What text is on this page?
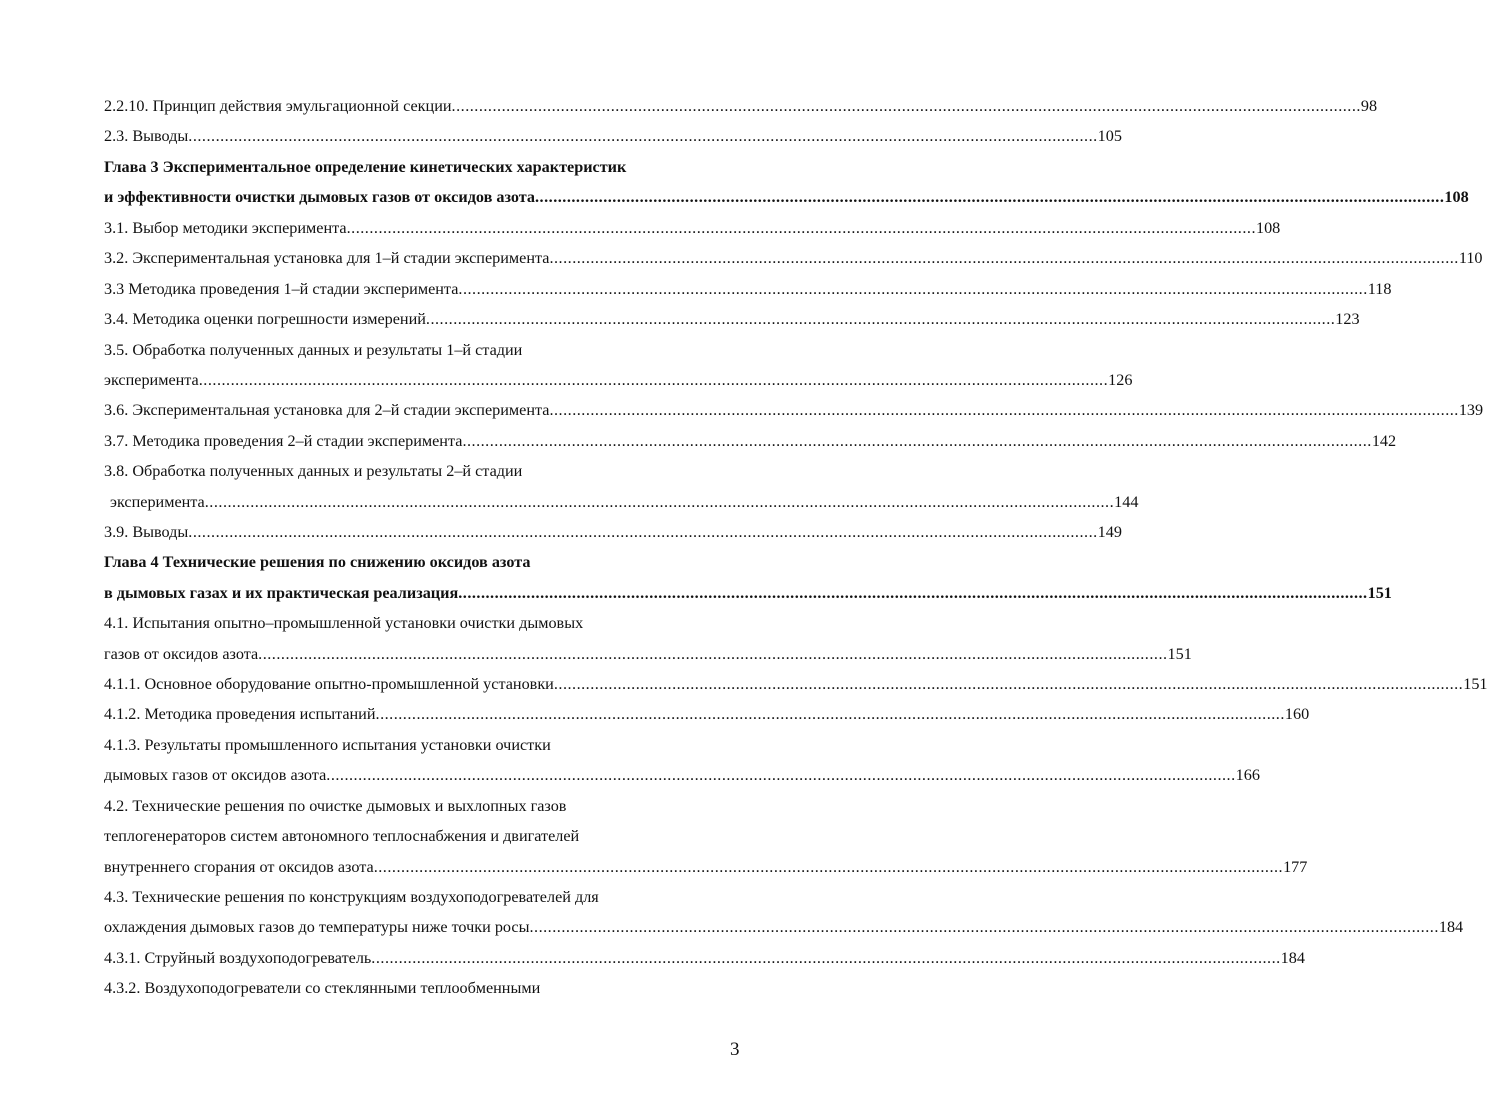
2.2.10. Принцип действия эмульгационной секции ........................................................................................................................................................................................................ 98
2.3. Выводы ........................................................................................................................................................................................................ 105
Глава 3 Экспериментальное определение кинетических характеристик
и эффективности очистки дымовых газов от оксидов азота ........................................................................................................................................................................................................ 108
3.1. Выбор методики эксперимента ........................................................................................................................................................................................................ 108
3.2. Экспериментальная установка для 1–й стадии эксперимента ........................................................................................................................................................................................................ 110
3.3 Методика проведения 1–й стадии эксперимента ........................................................................................................................................................................................................ 118
3.4. Методика оценки погрешности измерений ........................................................................................................................................................................................................ 123
3.5. Обработка полученных данных и результаты 1–й стадии
эксперимента ........................................................................................................................................................................................................ 126
3.6. Экспериментальная установка для 2–й стадии эксперимента ........................................................................................................................................................................................................ 139
3.7. Методика проведения 2–й стадии эксперимента ........................................................................................................................................................................................................ 142
3.8. Обработка полученных данных и результаты 2–й стадии
эксперимента ........................................................................................................................................................................................................ 144
3.9. Выводы ........................................................................................................................................................................................................ 149
Глава 4 Технические решения по снижению оксидов азота
в дымовых газах и их практическая реализация ........................................................................................................................................................................................................ 151
4.1. Испытания опытно–промышленной установки очистки дымовых
газов от оксидов азота ........................................................................................................................................................................................................ 151
4.1.1. Основное оборудование опытно-промышленной установки ........................................................................................................................................................................................................ 151
4.1.2. Методика проведения испытаний ........................................................................................................................................................................................................ 160
4.1.3. Результаты промышленного испытания установки очистки
дымовых газов от оксидов азота ........................................................................................................................................................................................................ 166
4.2. Технические решения по очистке дымовых и выхлопных газов
теплогенераторов систем автономного теплоснабжения и двигателей
внутреннего сгорания от оксидов азота ........................................................................................................................................................................................................ 177
4.3. Технические решения по конструкциям воздухоподогревателей для
охлаждения дымовых газов до температуры ниже точки росы ........................................................................................................................................................................................................ 184
4.3.1. Струйный воздухоподогреватель ........................................................................................................................................................................................................ 184
4.3.2. Воздухоподогреватели со стеклянными теплообменными
3
